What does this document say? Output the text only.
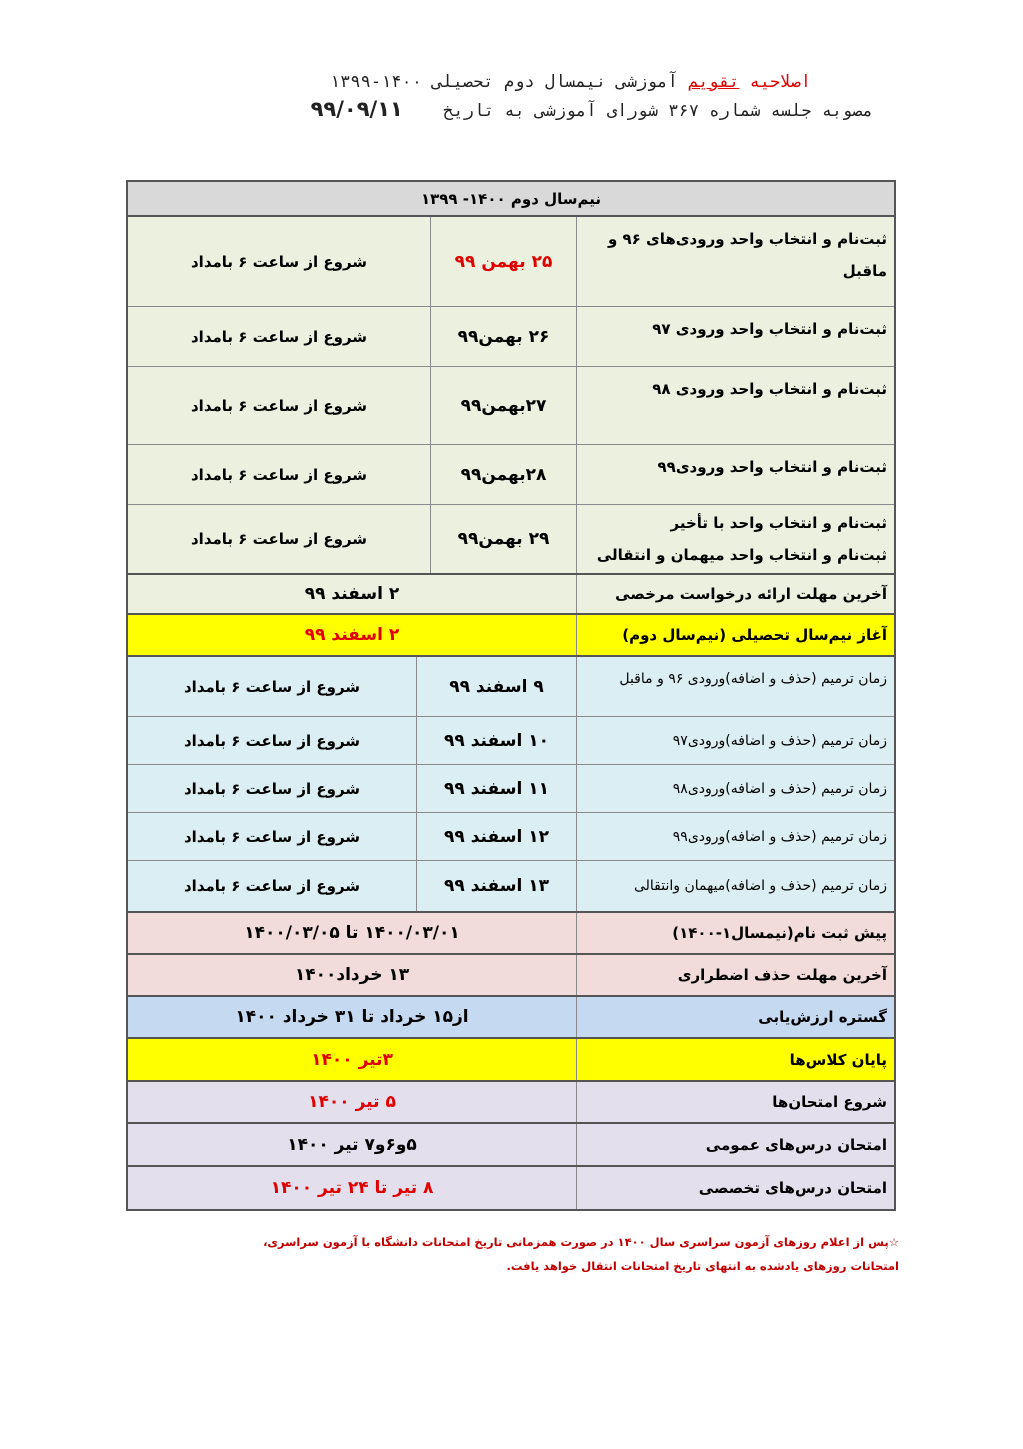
اصلاحیه تقویم آموزشی نیمسال دوم تحصیلی ۱۴۰۰-۱۳۹۹
مصوبه جلسه شماره ۳۶۷ شورای آموزشی به تاریخ ۹۹/۰۹/۱۱
نیم‌سال دوم ۱۴۰۰- ۱۳۹۹
ثبت‌نام و انتخاب واحد ورودی‌های ۹۶ و ماقبل
۲۵ بهمن ۹۹
شروع از ساعت ۶ بامداد
ثبت‌نام و انتخاب واحد ورودی ۹۷
۲۶ بهمن۹۹
شروع از ساعت ۶ بامداد
ثبت‌نام و انتخاب واحد ورودی ۹۸
۲۷بهمن۹۹
شروع از ساعت ۶ بامداد
ثبت‌نام و انتخاب واحد ورودی۹۹
۲۸بهمن۹۹
شروع از ساعت ۶ بامداد
ثبت‌نام و انتخاب واحد با تأخیر
ثبت‌نام و انتخاب واحد میهمان و انتقالی
۲۹ بهمن۹۹
شروع از ساعت ۶ بامداد
آخرین مهلت ارائه درخواست مرخصی
۲ اسفند ۹۹
آغاز نیم‌سال تحصیلی (نیم‌سال دوم)
۲ اسفند ۹۹
زمان ترمیم (حذف و اضافه)ورودی ۹۶ و ماقبل
۹ اسفند ۹۹
شروع از ساعت ۶ بامداد
زمان ترمیم (حذف و اضافه)ورودی۹۷
۱۰ اسفند ۹۹
شروع از ساعت ۶ بامداد
زمان ترمیم (حذف و اضافه)ورودی۹۸
۱۱ اسفند ۹۹
شروع از ساعت ۶ بامداد
زمان ترمیم (حذف و اضافه)ورودی۹۹
۱۲ اسفند ۹۹
شروع از ساعت ۶ بامداد
زمان ترمیم (حذف و اضافه)میهمان وانتقالی
۱۳ اسفند ۹۹
شروع از ساعت ۶ بامداد
پیش ثبت نام(نیمسال۱-۱۴۰۰)
۱۴۰۰/۰۳/۰۱ تا ۱۴۰۰/۰۳/۰۵
آخرین مهلت حذف اضطراری
۱۳ خرداد۱۴۰۰
گستره ارزش‌یابی
از۱۵ خرداد تا ۳۱ خرداد ۱۴۰۰
پایان کلاس‌ها
۳تیر ۱۴۰۰
شروع امتحان‌ها
۵ تیر ۱۴۰۰
امتحان درس‌های عمومی
۵و۶و۷ تیر ۱۴۰۰
امتحان درس‌های تخصصی
۸ تیر تا ۲۴ تیر ۱۴۰۰
☆پس از اعلام روزهای آزمون سراسری سال ۱۴۰۰ در صورت همزمانی تاریخ امتحانات دانشگاه با آزمون سراسری،
امتحانات روزهای یادشده به انتهای تاریخ امتحانات انتقال خواهد یافت.
